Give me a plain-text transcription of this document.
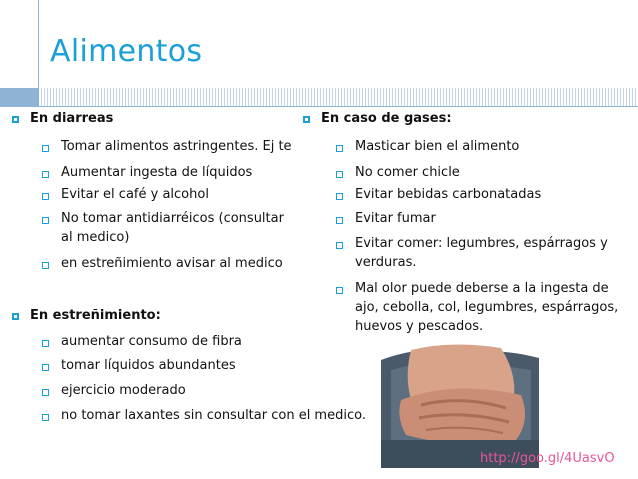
Alimentos
En diarreas
Tomar alimentos astringentes. Ej te
Aumentar ingesta de líquidos
Evitar el café y alcohol
No tomar antidiarréicos (consultar al medico)
en estreñimiento avisar al medico
En estreñimiento:
aumentar consumo de fibra
tomar líquidos abundantes
ejercicio moderado
no tomar laxantes sin consultar con el medico.
En caso de gases:
Masticar bien el alimento
No comer chicle
Evitar bebidas carbonatadas
Evitar fumar
Evitar comer: legumbres, espárragos y verduras.
Mal olor puede deberse a la ingesta de ajo, cebolla, col, legumbres, espárragos, huevos y pescados.
http://goo.gl/4UasvO
